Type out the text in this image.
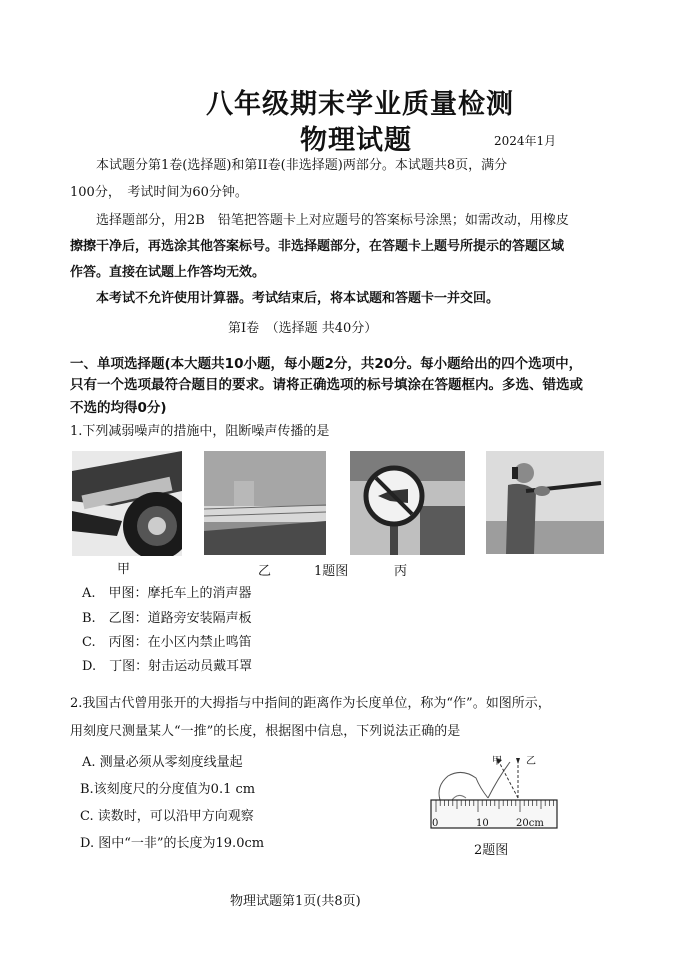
八年级期末学业质量检测
物理试题	2024年1月
本试题分第1卷(选择题)和第II卷(非选择题)两部分。本试题共8页，满分
100分，　考试时间为60分钟。
选择题部分，用2B　铅笔把答题卡上对应题号的答案标号涂黑；如需改动，用橡皮
擦擦干净后，再选涂其他答案标号。非选择题部分，在答题卡上题号所提示的答题区域
作答。直接在试题上作答均无效。
本考试不允许使用计算器。考试结束后，将本试题和答题卡一并交回。
第Ⅰ卷　（选择题 共40分）
一、单项选择题(本大题共10小题，每小题2分，共20分。每小题给出的四个选项中，
只有一个选项最符合题目的要求。请将正确选项的标号填涂在答题框内。多选、错选或
不选的均得0分)
1.下列减弱噪声的措施中，阻断噪声传播的是
甲	乙	1题图	丙
A.　甲图：摩托车上的消声器
B.　乙图：道路旁安装隔声板
C.　丙图：在小区内禁止鸣笛
D.　丁图：射击运动员戴耳罩
2.我国古代曾用张开的大拇指与中指间的距离作为长度单位，称为“作”。如图所示，
用刻度尺测量某人“一推”的长度，根据图中信息，下列说法正确的是
A. 测量必须从零刻度线量起
B.该刻度尺的分度值为0.1 cm
C. 读数时，可以沿甲方向观察
D. 图中“一非”的长度为19.0cm
甲 乙
0	10	20cm
2题图
物理试题第1页(共8页)
